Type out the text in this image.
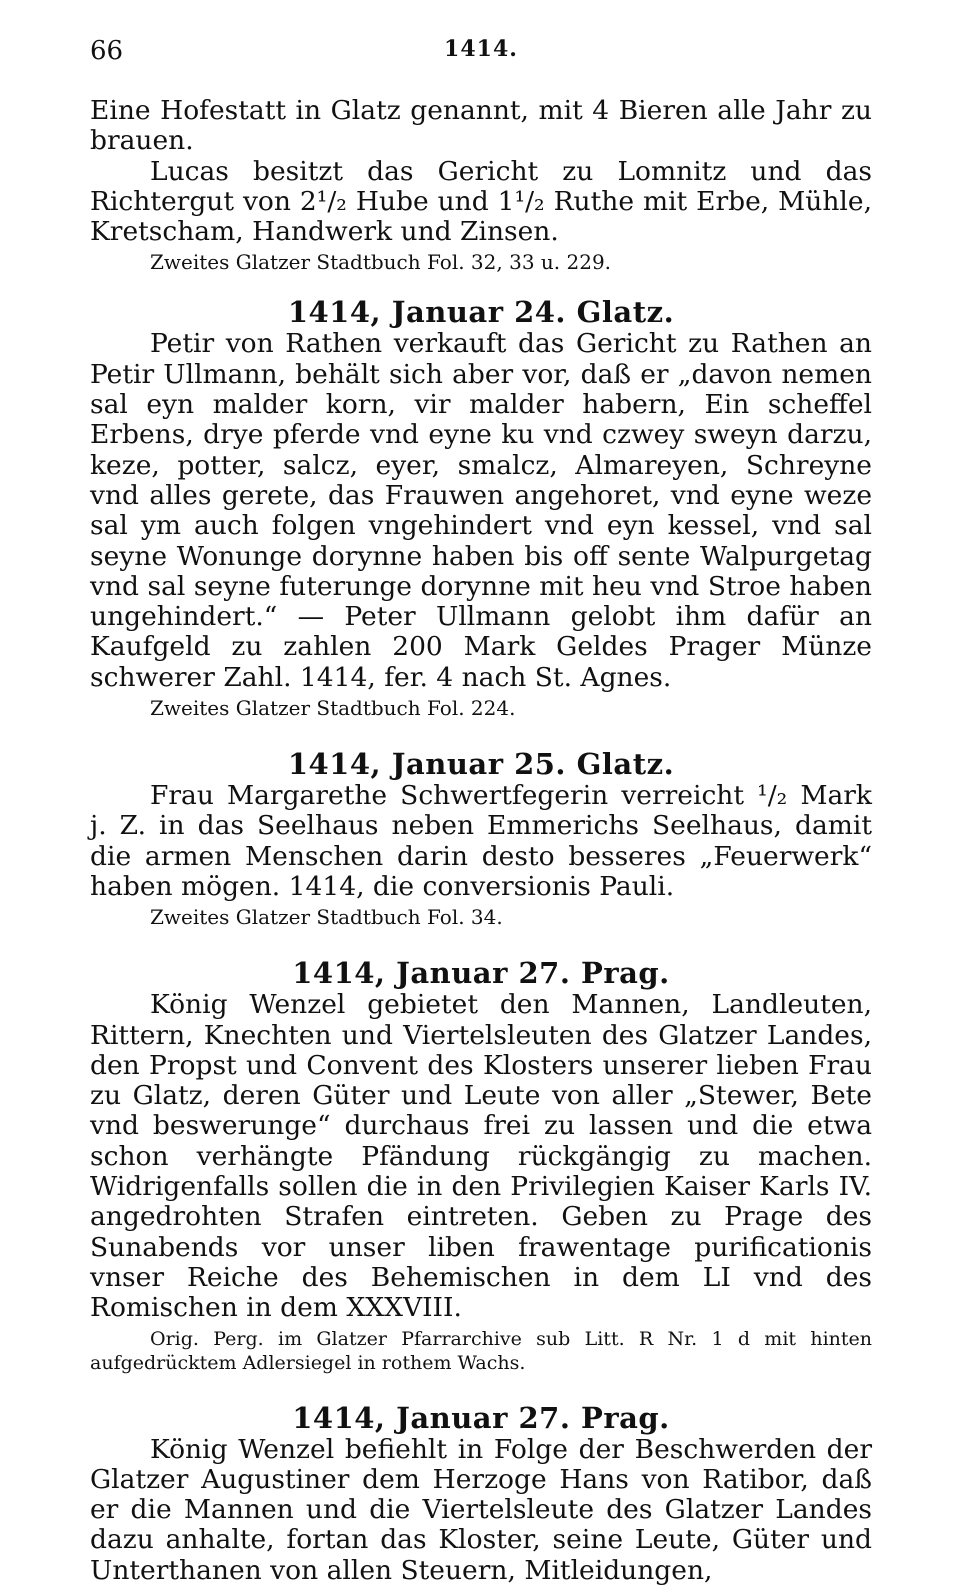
66	1414.

Eine Hofestatt in Glatz genannt, mit 4 Bieren alle Jahr zu brauen.

Lucas besitzt das Gericht zu Lomnitz und das Richtergut von 2¹/₂ Hube und 1¹/₂ Ruthe mit Erbe, Mühle, Kretscham, Handwerk und Zinsen.

Zweites Glatzer Stadtbuch Fol. 32, 33 u. 229.

1414, Januar 24. Glatz.

Petir von Rathen verkauft das Gericht zu Rathen an Petir Ullmann, behält sich aber vor, daß er „davon nemen sal eyn malder korn, vir malder habern, Ein scheffel Erbens, drye pferde vnd eyne ku vnd czwey sweyn darzu, keze, potter, salcz, eyer, smalcz, Almareyen, Schreyne vnd alles gerete, das Frauwen angehoret, vnd eyne weze sal ym auch folgen vngehindert vnd eyn kessel, vnd sal seyne Wonunge dorynne haben bis off sente Walpurgetag vnd sal seyne futerunge dorynne mit heu vnd Stroe haben ungehindert.“ — Peter Ullmann gelobt ihm dafür an Kaufgeld zu zahlen 200 Mark Geldes Prager Münze schwerer Zahl. 1414, fer. 4 nach St. Agnes.

Zweites Glatzer Stadtbuch Fol. 224.

1414, Januar 25. Glatz.

Frau Margarethe Schwertfegerin verreicht ¹/₂ Mark j. Z. in das Seelhaus neben Emmerichs Seelhaus, damit die armen Menschen darin desto besseres „Feuerwerk“ haben mögen. 1414, die conversionis Pauli.

Zweites Glatzer Stadtbuch Fol. 34.

1414, Januar 27. Prag.

König Wenzel gebietet den Mannen, Landleuten, Rittern, Knechten und Viertelsleuten des Glatzer Landes, den Propst und Convent des Klosters unserer lieben Frau zu Glatz, deren Güter und Leute von aller „Stewer, Bete vnd beswerunge“ durchaus frei zu lassen und die etwa schon verhängte Pfändung rückgängig zu machen. Widrigenfalls sollen die in den Privilegien Kaiser Karls IV. angedrohten Strafen eintreten. Geben zu Prage des Sunabends vor unser liben frawentage purificationis vnser Reiche des Behemischen in dem LI vnd des Romischen in dem XXXVIII.

Orig. Perg. im Glatzer Pfarrarchive sub Litt. R Nr. 1 d mit hinten aufgedrücktem Adlersiegel in rothem Wachs.

1414, Januar 27. Prag.

König Wenzel befiehlt in Folge der Beschwerden der Glatzer Augustiner dem Herzoge Hans von Ratibor, daß er die Mannen und die Viertelsleute des Glatzer Landes dazu anhalte, fortan das Kloster, seine Leute, Güter und Unterthanen von allen Steuern, Mitleidungen,
